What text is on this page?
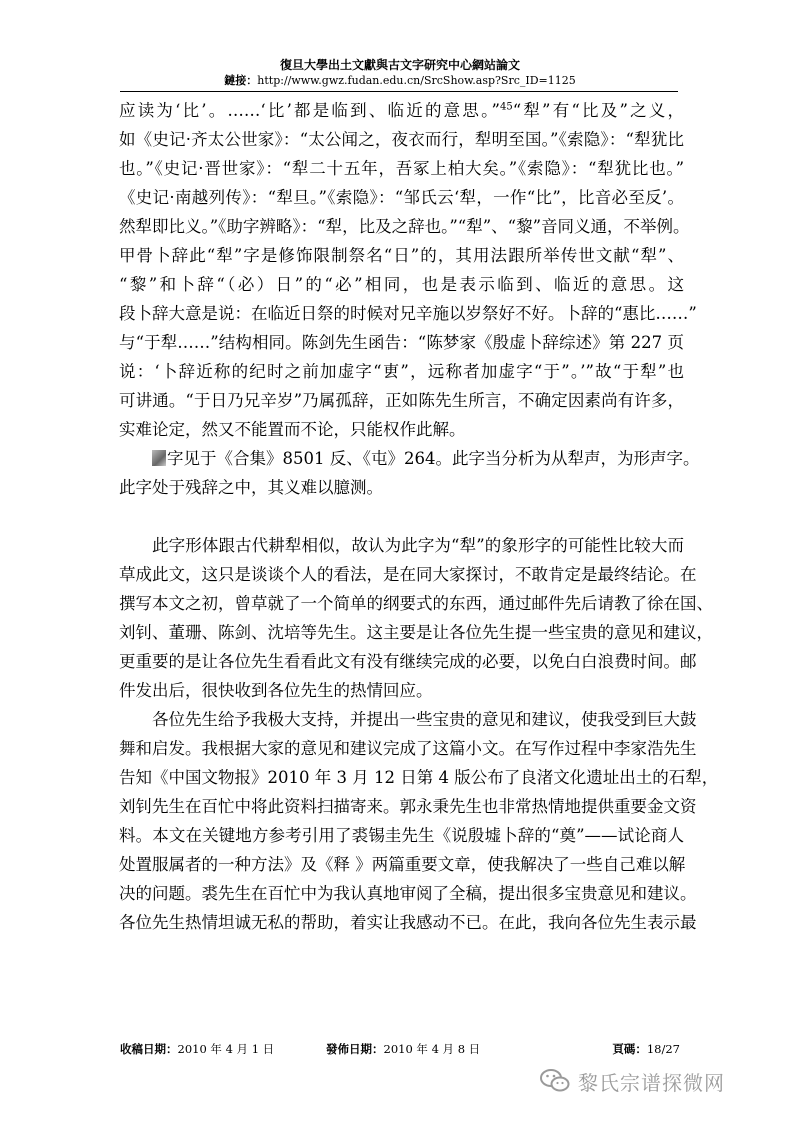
復旦大學出土文獻與古文字研究中心網站論文
鏈接：http://www.gwz.fudan.edu.cn/SrcShow.asp?Src_ID=1125
应读为‘比’。……‘比’都是临到、临近的意思。”$^{45}$“犁”有“比及”之义，
如《史记·齐太公世家》：“太公闻之，夜衣而行，犁明至国。”《索隐》：“犁犹比
也。”《史记·晋世家》：“犁二十五年，吾冢上柏大矣。”《索隐》：“犁犹比也。”
《史记·南越列传》：“犁旦。”《索隐》：“邹氏云‘犁，一作“比”，比音必至反’。
然犁即比义。”《助字辨略》：“犁，比及之辞也。”“犁”、“黎”音同义通，不举例。
甲骨卜辞此“犁”字是修饰限制祭名“日”的，其用法跟所举传世文献“犁”、
“黎”和卜辞“（必）日”的“必”相同，也是表示临到、临近的意思。这
段卜辞大意是说：在临近日祭的时候对兄辛施以岁祭好不好。卜辞的“惠比……”
与“于犁……”结构相同。陈剑先生函告：“陈梦家《殷虚卜辞综述》第 227 页
说：‘卜辞近称的纪时之前加虚字“叀”，远称者加虚字“于”。’”故“于犁”也
可讲通。“于日乃兄辛岁”乃属孤辞，正如陈先生所言，不确定因素尚有许多，
实难论定，然又不能置而不论，只能权作此解。
字见于《合集》8501 反、《屯》264。此字当分析为从犁声，为形声字。
此字处于残辞之中，其义难以臆测。
此字形体跟古代耕犁相似，故认为此字为“犁”的象形字的可能性比较大而
草成此文，这只是谈谈个人的看法，是在同大家探讨，不敢肯定是最终结论。在
撰写本文之初，曾草就了一个简单的纲要式的东西，通过邮件先后请教了徐在国、
刘钊、董珊、陈剑、沈培等先生。这主要是让各位先生提一些宝贵的意见和建议，
更重要的是让各位先生看看此文有没有继续完成的必要，以免白白浪费时间。邮
件发出后，很快收到各位先生的热情回应。
各位先生给予我极大支持，并提出一些宝贵的意见和建议，使我受到巨大鼓
舞和启发。我根据大家的意见和建议完成了这篇小文。在写作过程中李家浩先生
告知《中国文物报》2010 年 3 月 12 日第 4 版公布了良渚文化遗址出土的石犁，
刘钊先生在百忙中将此资料扫描寄来。郭永秉先生也非常热情地提供重要金文资
料。本文在关键地方参考引用了裘锡圭先生《说殷墟卜辞的“奠”——试论商人
处置服属者的一种方法》及《释 》两篇重要文章，使我解决了一些自己难以解
决的问题。裘先生在百忙中为我认真地审阅了全稿，提出很多宝贵意见和建议。
各位先生热情坦诚无私的帮助，着实让我感动不已。在此，我向各位先生表示最
收稿日期：2010 年 4 月 1 日	發佈日期：2010 年 4 月 8 日	頁碼：18/27
黎氏宗谱探微网
